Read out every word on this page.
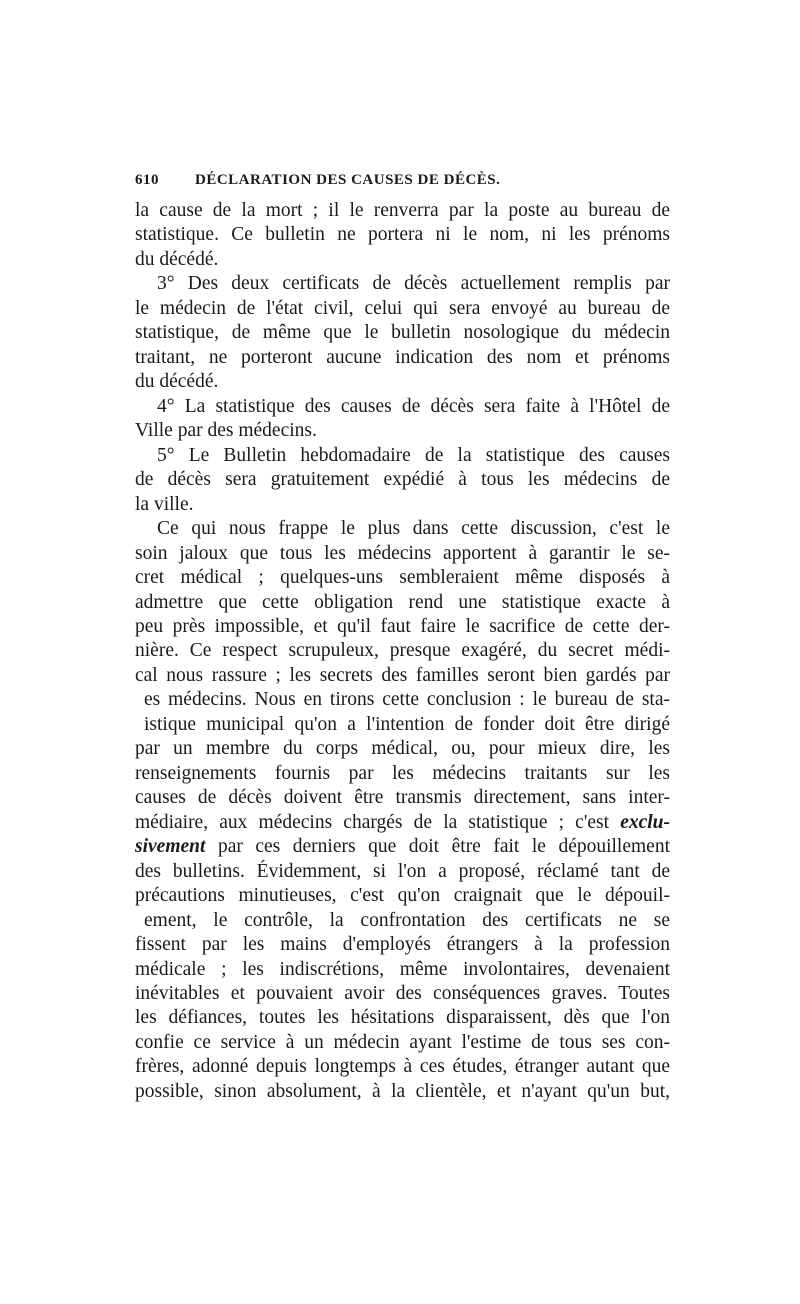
610 DÉCLARATION DES CAUSES DE DÉCÈS.
la cause de la mort ; il le renverra par la poste au bureau de
statistique. Ce bulletin ne portera ni le nom, ni les prénoms
du décédé.
3° Des deux certificats de décès actuellement remplis par
le médecin de l'état civil, celui qui sera envoyé au bureau de
statistique, de même que le bulletin nosologique du médecin
traitant, ne porteront aucune indication des nom et prénoms
du décédé.
4° La statistique des causes de décès sera faite à l'Hôtel de
Ville par des médecins.
5° Le Bulletin hebdomadaire de la statistique des causes
de décès sera gratuitement expédié à tous les médecins de
la ville.
Ce qui nous frappe le plus dans cette discussion, c'est le
soin jaloux que tous les médecins apportent à garantir le se-
cret médical ; quelques-uns sembleraient même disposés à
admettre que cette obligation rend une statistique exacte à
peu près impossible, et qu'il faut faire le sacrifice de cette der-
nière. Ce respect scrupuleux, presque exagéré, du secret médi-
cal nous rassure ; les secrets des familles seront bien gardés par
es médecins. Nous en tirons cette conclusion : le bureau de sta-
istique municipal qu'on a l'intention de fonder doit être dirigé
par un membre du corps médical, ou, pour mieux dire, les
renseignements fournis par les médecins traitants sur les
causes de décès doivent être transmis directement, sans inter-
médiaire, aux médecins chargés de la statistique ; c'est exclu-
sivement par ces derniers que doit être fait le dépouillement
des bulletins. Évidemment, si l'on a proposé, réclamé tant de
précautions minutieuses, c'est qu'on craignait que le dépouil-
ement, le contrôle, la confrontation des certificats ne se
fissent par les mains d'employés étrangers à la profession
médicale ; les indiscrétions, même involontaires, devenaient
inévitables et pouvaient avoir des conséquences graves. Toutes
les défiances, toutes les hésitations disparaissent, dès que l'on
confie ce service à un médecin ayant l'estime de tous ses con-
frères, adonné depuis longtemps à ces études, étranger autant que
possible, sinon absolument, à la clientèle, et n'ayant qu'un but,
